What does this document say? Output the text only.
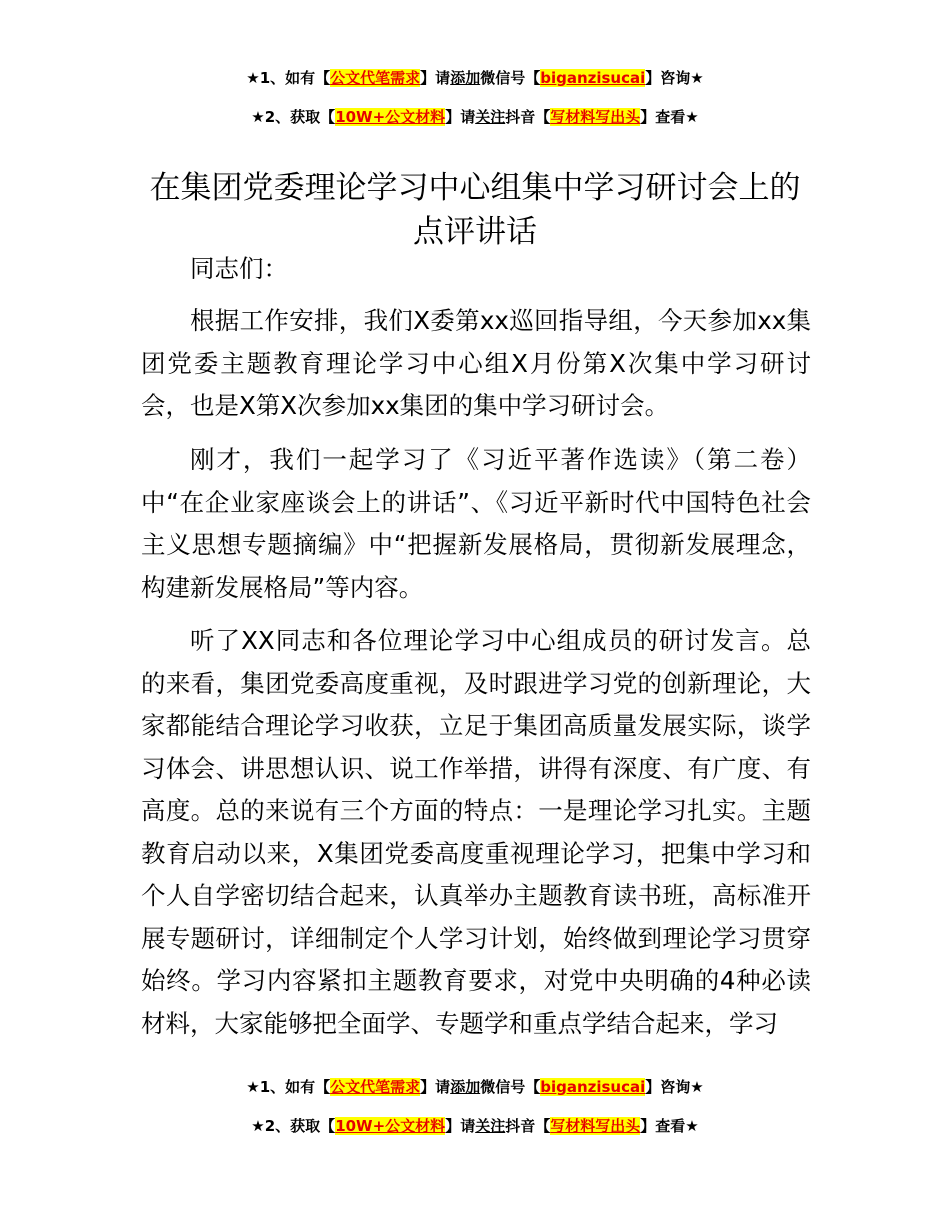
★1、如有【公文代笔需求】请添加微信号【biganzisucai】咨询★
★2、获取【10W+公文材料】请关注抖音【写材料写出头】查看★
在集团党委理论学习中心组集中学习研讨会上的点评讲话

同志们：

根据工作安排，我们X委第xx巡回指导组，今天参加xx集团党委主题教育理论学习中心组X月份第X次集中学习研讨会，也是X第X次参加xx集团的集中学习研讨会。

刚才，我们一起学习了《习近平著作选读》（第二卷）中“在企业家座谈会上的讲话”、《习近平新时代中国特色社会主义思想专题摘编》中“把握新发展格局，贯彻新发展理念，构建新发展格局”等内容。

听了XX同志和各位理论学习中心组成员的研讨发言。总的来看，集团党委高度重视，及时跟进学习党的创新理论，大家都能结合理论学习收获，立足于集团高质量发展实际，谈学习体会、讲思想认识、说工作举措，讲得有深度、有广度、有高度。总的来说有三个方面的特点：一是理论学习扎实。主题教育启动以来，X集团党委高度重视理论学习，把集中学习和个人自学密切结合起来，认真举办主题教育读书班，高标准开展专题研讨，详细制定个人学习计划，始终做到理论学习贯穿始终。学习内容紧扣主题教育要求，对党中央明确的4种必读材料，大家能够把全面学、专题学和重点学结合起来，学习

★1、如有【公文代笔需求】请添加微信号【biganzisucai】咨询★
★2、获取【10W+公文材料】请关注抖音【写材料写出头】查看★
